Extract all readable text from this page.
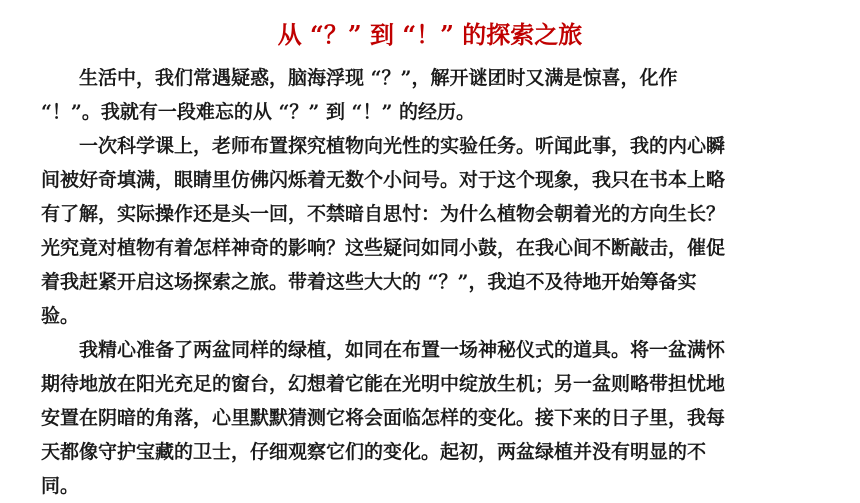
从 “？” 到 “！” 的探索之旅

　　生活中，我们常遇疑惑，脑海浮现 “？”，解开谜团时又满是惊喜，化作

“！”。我就有一段难忘的从 “？” 到 “！” 的经历。

　　一次科学课上，老师布置探究植物向光性的实验任务。听闻此事，我的内心瞬

间被好奇填满，眼睛里仿佛闪烁着无数个小问号。对于这个现象，我只在书本上略

有了解，实际操作还是头一回，不禁暗自思忖：为什么植物会朝着光的方向生长？

光究竟对植物有着怎样神奇的影响？这些疑问如同小鼓，在我心间不断敲击，催促

着我赶紧开启这场探索之旅。带着这些大大的 “？”，我迫不及待地开始筹备实

验。

　　我精心准备了两盆同样的绿植，如同在布置一场神秘仪式的道具。将一盆满怀

期待地放在阳光充足的窗台，幻想着它能在光明中绽放生机；另一盆则略带担忧地

安置在阴暗的角落，心里默默猜测它将会面临怎样的变化。接下来的日子里，我每

天都像守护宝藏的卫士，仔细观察它们的变化。起初，两盆绿植并没有明显的不

同。
